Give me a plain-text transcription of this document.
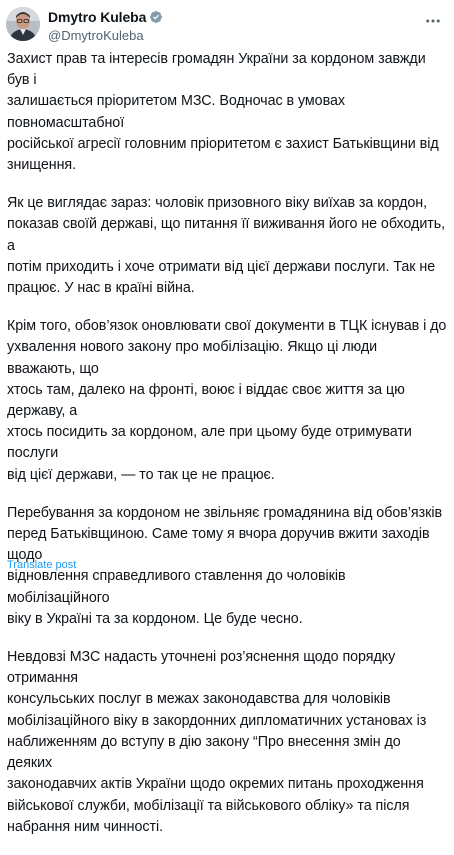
Dmytro Kuleba
@DmytroKuleba

Захист прав та інтересів громадян України за кордоном завжди був і
залишається пріоритетом МЗС. Водночас в умовах повномасштабної
російської агресії головним пріоритетом є захист Батьківщини від
знищення.

Як це виглядає зараз: чоловік призовного віку виїхав за кордон,
показав своїй державі, що питання її виживання його не обходить, а
потім приходить і хоче отримати від цієї держави послуги. Так не
працює. У нас в країні війна.

Крім того, обов’язок оновлювати свої документи в ТЦК існував і до
ухвалення нового закону про мобілізацію. Якщо ці люди вважають, що
хтось там, далеко на фронті, воює і віддає своє життя за цю державу, а
хтось посидить за кордоном, але при цьому буде отримувати послуги
від цієї держави, — то так це не працює.

Перебування за кордоном не звільняє громадянина від обов’язків
перед Батьківщиною. Саме тому я вчора доручив вжити заходів щодо
відновлення справедливого ставлення до чоловіків мобілізаційного
віку в Україні та за кордоном. Це буде чесно.

Невдовзі МЗС надасть уточнені роз’яснення щодо порядку отримання
консульських послуг в межах законодавства для чоловіків
мобілізаційного віку в закордонних дипломатичних установах із
наближенням до вступу в дію закону “Про внесення змін до деяких
законодавчих актів України щодо окремих питань проходження
військової служби, мобілізації та військового обліку» та після
набрання ним чинності.

Translate post
